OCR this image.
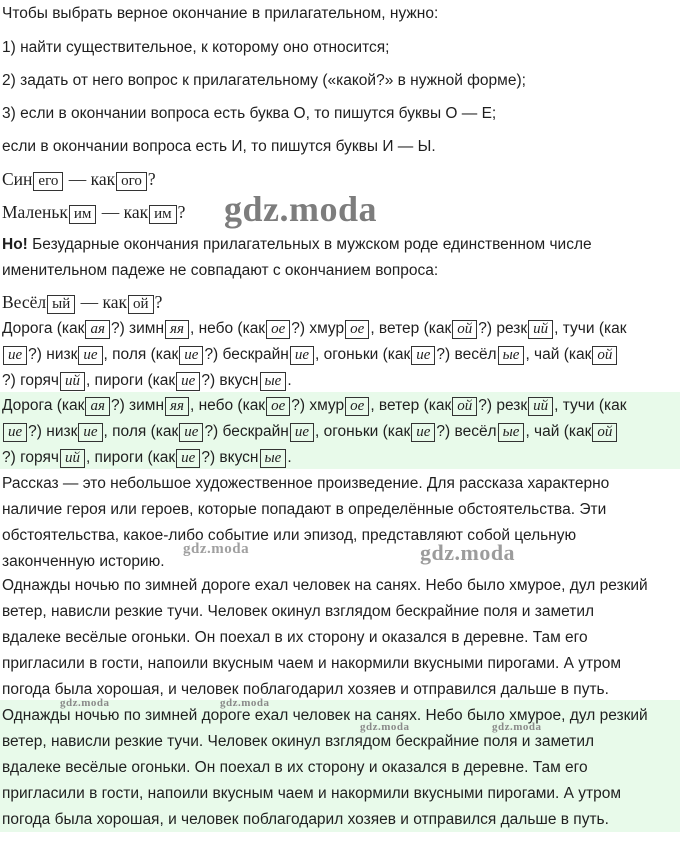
Чтобы выбрать верное окончание в прилагательном, нужно:
1) найти существительное, к которому оно относится;
2) задать от него вопрос к прилагательному («какой?» в нужной форме);
3) если в окончании вопроса есть буква О, то пишутся буквы О — Е;
если в окончании вопроса есть И, то пишутся буквы И — Ы.
Син его — как ого ?
Маленьк им — как им ? gdz.moda
Но! Безударные окончания прилагательных в мужском роде единственном числе
именительном падеже не совпадают с окончанием вопроса:
Весёл ый — как ой ?
Дорога (как ая ?) зимн яя , небо (как ое ?) хмур ое , ветер (как ой ?) резк ий , тучи (как
ие ?) низк ие , поля (как ие ?) бескрайн ие , огоньки (как ие ?) весёл ые , чай (как ой
?) горяч ий , пироги (как ие ?) вкусн ые .
Дорога (как ая ?) зимн яя , небо (как ое ?) хмур ое , ветер (как ой ?) резк ий , тучи (как
ие ?) низк ие , поля (как ие ?) бескрайн ие , огоньки (как ие ?) весёл ые , чай (как ой
?) горяч ий , пироги (как ие ?) вкусн ые .
Рассказ — это небольшое художественное произведение. Для рассказа характерно
наличие героя или героев, которые попадают в определённые обстоятельства. Эти
обстоятельства, какое-либо событие или эпизод, представляют собой цельную
законченную историю.
gdz.moda	gdz.moda
Однажды ночью по зимней дороге ехал человек на санях. Небо было хмурое, дул резкий
ветер, нависли резкие тучи. Человек окинул взглядом бескрайние поля и заметил
вдалеке весёлые огоньки. Он поехал в их сторону и оказался в деревне. Там его
пригласили в гости, напоили вкусным чаем и накормили вкусными пирогами. А утром
погода была хорошая, и человек поблагодарил хозяев и отправился дальше в путь.
gdz.moda	gdz.moda
gdz.moda	gdz.moda
Однажды ночью по зимней дороге ехал человек на санях. Небо было хмурое, дул резкий
ветер, нависли резкие тучи. Человек окинул взглядом бескрайние поля и заметил
вдалеке весёлые огоньки. Он поехал в их сторону и оказался в деревне. Там его
пригласили в гости, напоили вкусным чаем и накормили вкусными пирогами. А утром
погода была хорошая, и человек поблагодарил хозяев и отправился дальше в путь.
